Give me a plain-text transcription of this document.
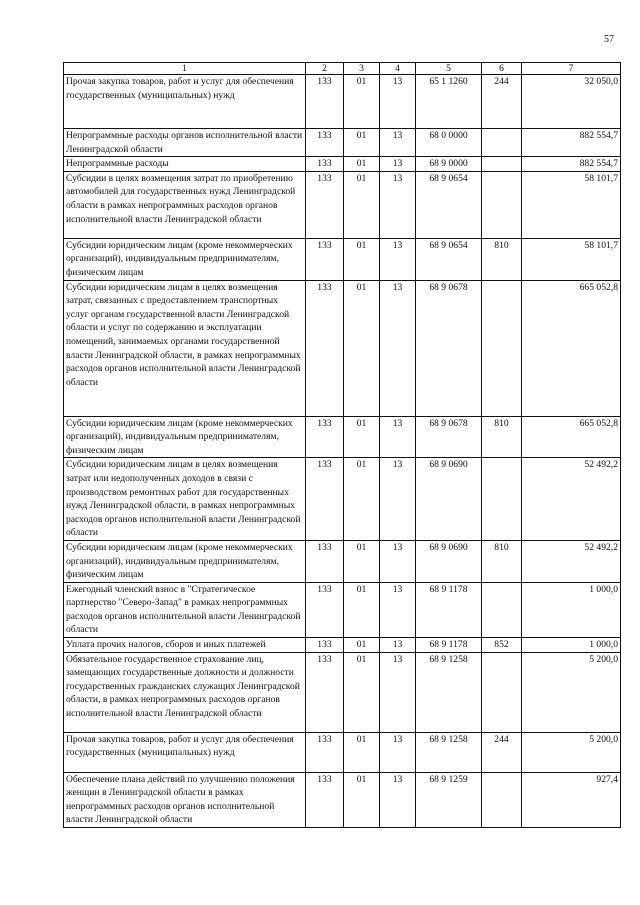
57
1	2	3	4	5	6	7
Прочая закупка товаров, работ и услуг для обеспечения государственных (муниципальных) нужд	133	01	13	65 1 1260	244	32 050,0
Непрограммные расходы органов исполнительной власти Ленинградской области	133	01	13	68 0 0000		882 554,7
Непрограммные расходы	133	01	13	68 9 0000		882 554,7
Субсидии в целях возмещения затрат по приобретению автомобилей для государственных нужд Ленинградской области в рамках непрограммных расходов органов исполнительной власти Ленинградской области	133	01	13	68 9 0654		58 101,7
Субсидии юридическим лицам (кроме некоммерческих организаций), индивидуальным предпринимателям, физическим лицам	133	01	13	68 9 0654	810	58 101,7
Субсидии юридическим лицам в целях возмещения затрат, связанных с предоставлением транспортных услуг органам государственной власти Ленинградской области и услуг по содержанию и эксплуатации помещений, занимаемых органами государственной власти Ленинградской области, в рамках непрограммных расходов органов исполнительной власти Ленинградской области	133	01	13	68 9 0678		665 052,8
Субсидии юридическим лицам (кроме некоммерческих организаций), индивидуальным предпринимателям, физическим лицам	133	01	13	68 9 0678	810	665 052,8
Субсидии юридическим лицам в целях возмещения затрат или недополученных доходов в связи с производством ремонтных работ для государственных нужд Ленинградской области, в рамках непрограммных расходов органов исполнительной власти Ленинградской области	133	01	13	68 9 0690		52 492,2
Субсидии юридическим лицам (кроме некоммерческих организаций), индивидуальным предпринимателям, физическим лицам	133	01	13	68 9 0690	810	52 492,2
Ежегодный членский взнос в "Стратегическое партнерство "Северо-Запад" в рамках непрограммных расходов органов исполнительной власти Ленинградской области	133	01	13	68 9 1178		1 000,0
Уплата прочих налогов, сборов и иных платежей	133	01	13	68 9 1178	852	1 000,0
Обязательное государственное страхование лиц, замещающих государственные должности и должности государственных гражданских служащих Ленинградской области, в рамках непрограммных расходов органов исполнительной власти Ленинградской области	133	01	13	68 9 1258		5 200,0
Прочая закупка товаров, работ и услуг для обеспечения государственных (муниципальных) нужд	133	01	13	68 9 1258	244	5 200,0
Обеспечение плана действий по улучшению положения женщин в Ленинградской области в рамках непрограммных расходов органов исполнительной власти Ленинградской области	133	01	13	68 9 1259		927,4
